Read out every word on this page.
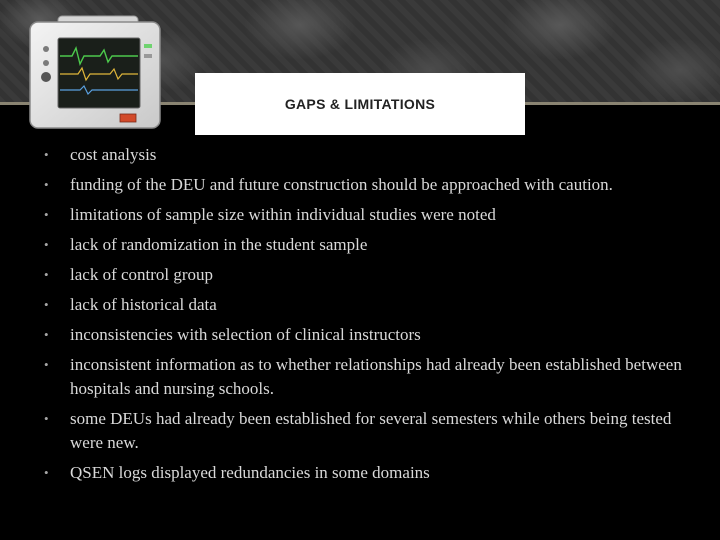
GAPS & LIMITATIONS
• cost analysis
• funding of the DEU and future construction should be approached with caution.
• limitations of sample size within individual studies were noted
• lack of randomization in the student sample
• lack of control group
• lack of historical data
• inconsistencies with selection of clinical instructors
• inconsistent information as to whether relationships had already been established between hospitals and nursing schools.
• some DEUs had already been established for several semesters while others being tested were new.
• QSEN logs displayed redundancies in some domains
